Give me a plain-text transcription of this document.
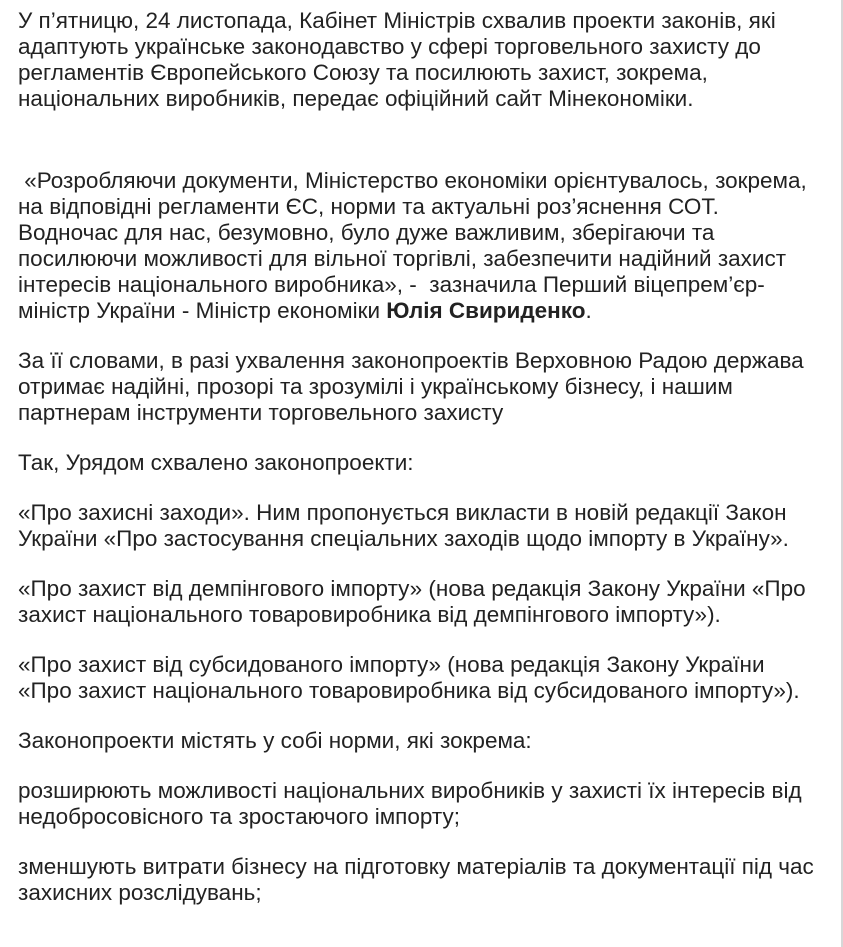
У п’ятницю, 24 листопада, Кабінет Міністрів схвалив проекти законів, які адаптують українське законодавство у сфері торговельного захисту до регламентів Європейського Союзу та посилюють захист, зокрема, національних виробників, передає офіційний сайт Мінекономіки.

«Розробляючи документи, Міністерство економіки орієнтувалось, зокрема, на відповідні регламенти ЄС, норми та актуальні роз’яснення СОТ.  Водночас для нас, безумовно, було дуже важливим, зберігаючи та посилюючи можливості для вільної торгівлі, забезпечити надійний захист інтересів національного виробника», -  зазначила Перший віцепрем’єр-міністр України - Міністр економіки Юлія Свириденко.

За її словами, в разі ухвалення законопроектів Верховною Радою держава отримає надійні, прозорі та зрозумілі і українському бізнесу, і нашим партнерам інструменти торговельного захисту

Так, Урядом схвалено законопроекти:

«Про захисні заходи». Ним пропонується викласти в новій редакції Закон України «Про застосування спеціальних заходів щодо імпорту в Україну».

«Про захист від демпінгового імпорту» (нова редакція Закону України «Про захист національного товаровиробника від демпінгового імпорту»).

«Про захист від субсидованого імпорту» (нова редакція Закону України «Про захист національного товаровиробника від субсидованого імпорту»).

Законопроекти містять у собі норми, які зокрема:

розширюють можливості національних виробників у захисті їх інтересів від недобросовісного та зростаючого імпорту;

зменшують витрати бізнесу на підготовку матеріалів та документації під час захисних розслідувань;
